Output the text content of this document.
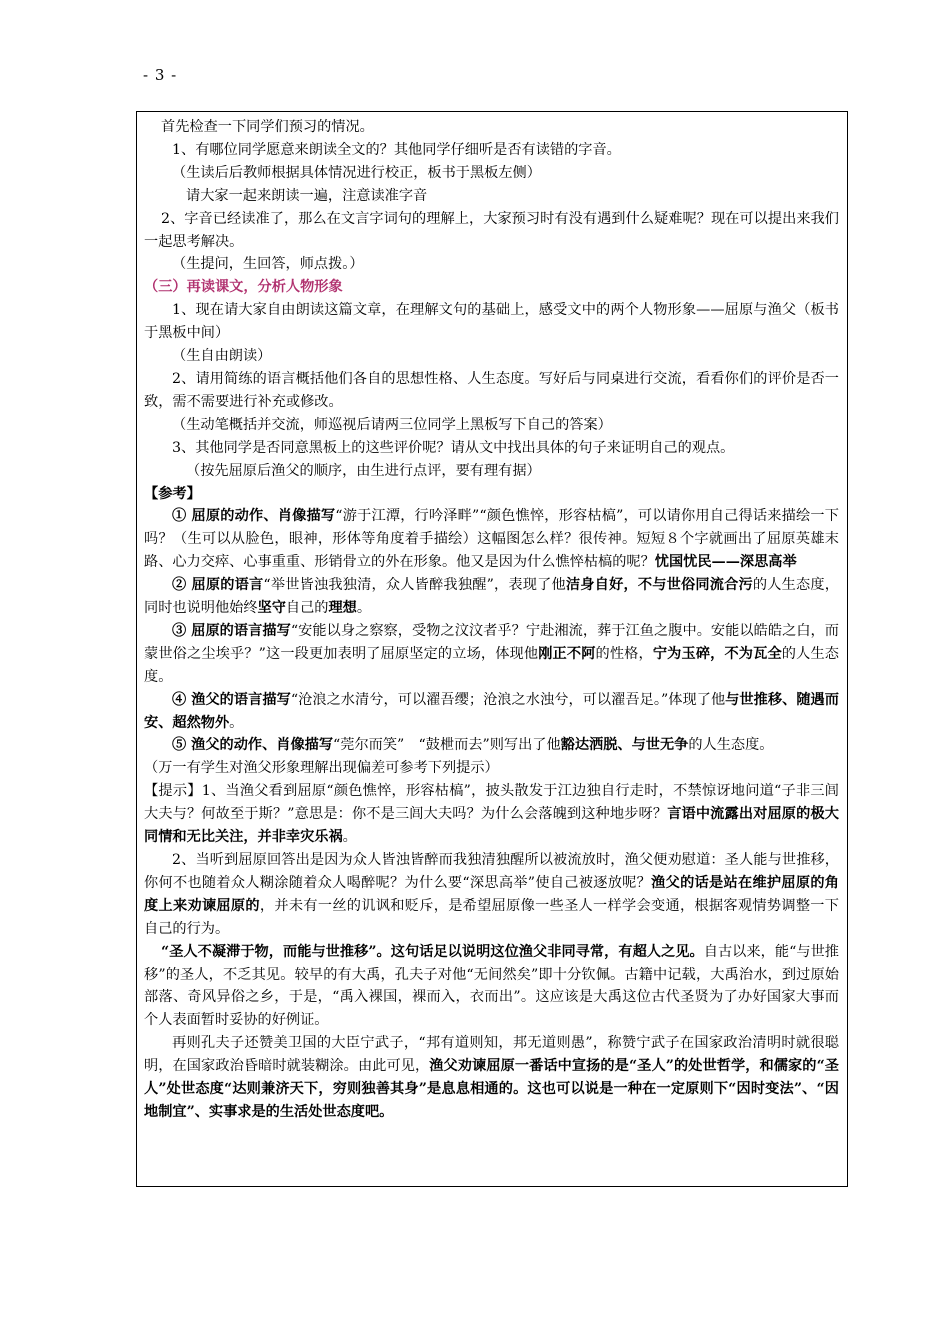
- 3 -

首先检查一下同学们预习的情况。

1、有哪位同学愿意来朗读全文的？其他同学仔细听是否有读错的字音。

（生读后后教师根据具体情况进行校正，板书于黑板左侧）

请大家一起来朗读一遍，注意读准字音

2、字音已经读准了，那么在文言字词句的理解上，大家预习时有没有遇到什么疑难呢？现在可以提出来我们一起思考解决。

（生提问，生回答，师点拨。）

（三）再读课文，分析人物形象

1、现在请大家自由朗读这篇文章，在理解文句的基础上，感受文中的两个人物形象——屈原与渔父（板书于黑板中间）

（生自由朗读）

2、请用简练的语言概括他们各自的思想性格、人生态度。写好后与同桌进行交流，看看你们的评价是否一致，需不需要进行补充或修改。

（生动笔概括并交流，师巡视后请两三位同学上黑板写下自己的答案）

3、其他同学是否同意黑板上的这些评价呢？请从文中找出具体的句子来证明自己的观点。

（按先屈原后渔父的顺序，由生进行点评，要有理有据）

【参考】

① 屈原的动作、肖像描写“游于江潭，行吟泽畔”“颜色憔悴，形容枯槁”，可以请你用自己得话来描绘一下吗？（生可以从脸色，眼神，形体等角度着手描绘）这幅图怎么样？很传神。短短８个字就画出了屈原英雄末路、心力交瘁、心事重重、形销骨立的外在形象。他又是因为什么憔悴枯槁的呢？忧国忧民——深思高举

② 屈原的语言“举世皆浊我独清，众人皆醉我独醒”，表现了他洁身自好，不与世俗同流合污的人生态度，同时也说明他始终坚守自己的理想。

③ 屈原的语言描写“安能以身之察察，受物之汶汶者乎？宁赴湘流，葬于江鱼之腹中。安能以皓皓之白，而蒙世俗之尘埃乎？”这一段更加表明了屈原坚定的立场，体现他刚正不阿的性格，宁为玉碎，不为瓦全的人生态度。

④ 渔父的语言描写“沧浪之水清兮，可以濯吾缨；沧浪之水浊兮，可以濯吾足。”体现了他与世推移、随遇而安、超然物外。

⑤ 渔父的动作、肖像描写“莞尔而笑”　“鼓枻而去”则写出了他豁达洒脱、与世无争的人生态度。

（万一有学生对渔父形象理解出现偏差可参考下列提示）

【提示】1、当渔父看到屈原“颜色憔悴，形容枯槁”，披头散发于江边独自行走时，不禁惊讶地问道“子非三闾大夫与？何故至于斯？”意思是：你不是三闾大夫吗？为什么会落魄到这种地步呀？言语中流露出对屈原的极大同情和无比关注，并非幸灾乐祸。

2、当听到屈原回答出是因为众人皆浊皆醉而我独清独醒所以被流放时，渔父便劝慰道：圣人能与世推移，你何不也随着众人糊涂随着众人喝醉呢？为什么要“深思高举”使自己被逐放呢？渔父的话是站在维护屈原的角度上来劝谏屈原的，并未有一丝的讥讽和贬斥，是希望屈原像一些圣人一样学会变通，根据客观情势调整一下自己的行为。

“圣人不凝滞于物，而能与世推移”。这句话足以说明这位渔父非同寻常，有超人之见。自古以来，能“与世推移”的圣人，不乏其见。较早的有大禹，孔夫子对他“无间然矣”即十分钦佩。古籍中记载，大禹治水，到过原始部落、奇风异俗之乡，于是，“禹入裸国，裸而入，衣而出”。这应该是大禹这位古代圣贤为了办好国家大事而个人表面暂时妥协的好例证。

再则孔夫子还赞美卫国的大臣宁武子，“邦有道则知，邦无道则愚”，称赞宁武子在国家政治清明时就很聪明，在国家政治昏暗时就装糊涂。由此可见，渔父劝谏屈原一番话中宣扬的是“圣人”的处世哲学，和儒家的“圣人”处世态度“达则兼济天下，穷则独善其身”是息息相通的。这也可以说是一种在一定原则下“因时变法”、“因地制宜”、实事求是的生活处世态度吧。
